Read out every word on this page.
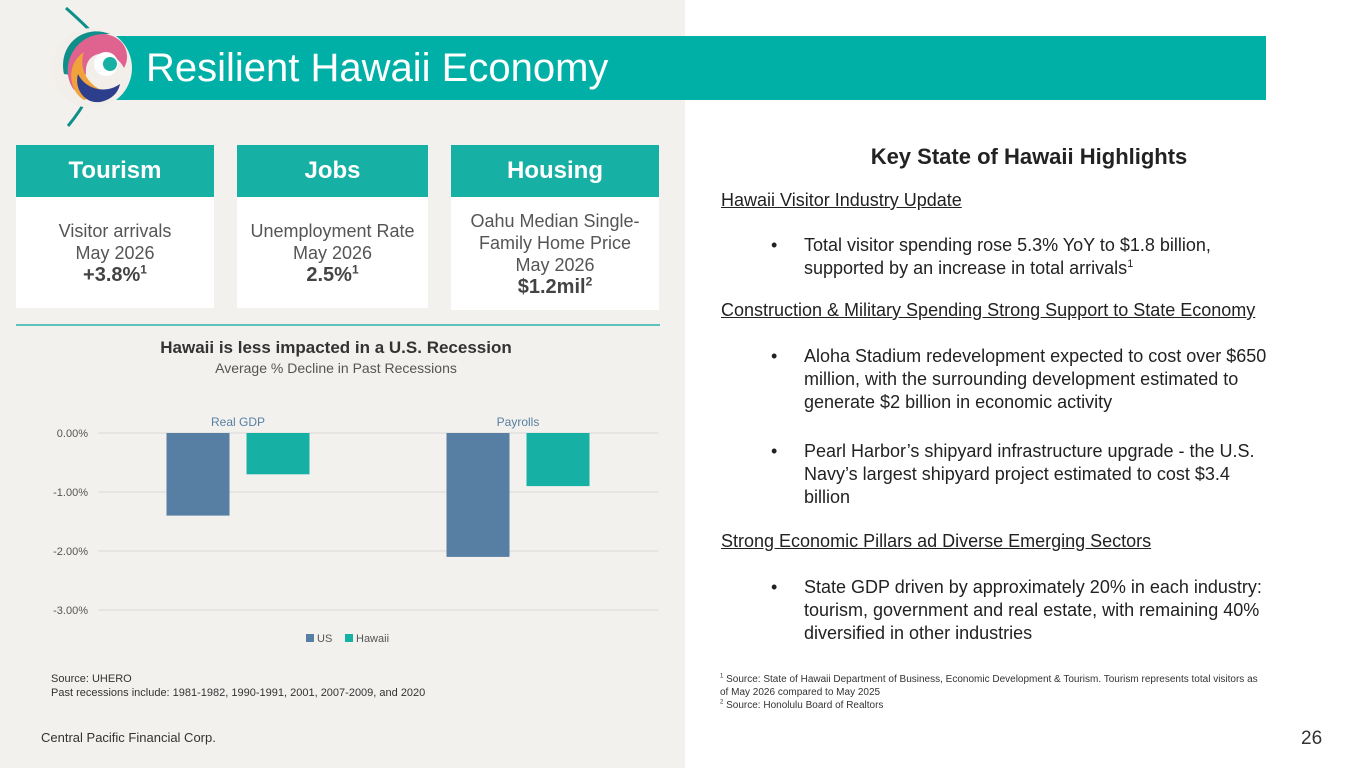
Resilient Hawaii Economy
Tourism
Visitor arrivals
May 2026
+3.8%$^1$
Jobs
Unemployment Rate
May 2026
2.5%$^1$
Housing
Oahu Median Single-
Family Home Price
May 2026
$1.2mil$^2$
Hawaii is less impacted in a U.S. Recession
Average % Decline in Past Recessions
0.00%
-1.00%
-2.00%
-3.00%
Real GDP	Payrolls
US Hawaii
Source: UHERO
Past recessions include: 1981-1982, 1990-1991, 2001, 2007-2009, and 2020
Central Pacific Financial Corp.	26
Key State of Hawaii Highlights
Hawaii Visitor Industry Update
• Total visitor spending rose 5.3% YoY to $1.8 billion,
supported by an increase in total arrivals$^1$
Construction & Military Spending Strong Support to State Economy
• Aloha Stadium redevelopment expected to cost over $650
million, with the surrounding development estimated to
generate $2 billion in economic activity
• Pearl Harbor’s shipyard infrastructure upgrade - the U.S.
Navy’s largest shipyard project estimated to cost $3.4
billion
Strong Economic Pillars ad Diverse Emerging Sectors
• State GDP driven by approximately 20% in each industry:
tourism, government and real estate, with remaining 40%
diversified in other industries
$^1$ Source: State of Hawaii Department of Business, Economic Development & Tourism. Tourism represents total visitors as
of May 2026 compared to May 2025
$^2$ Source: Honolulu Board of Realtors
